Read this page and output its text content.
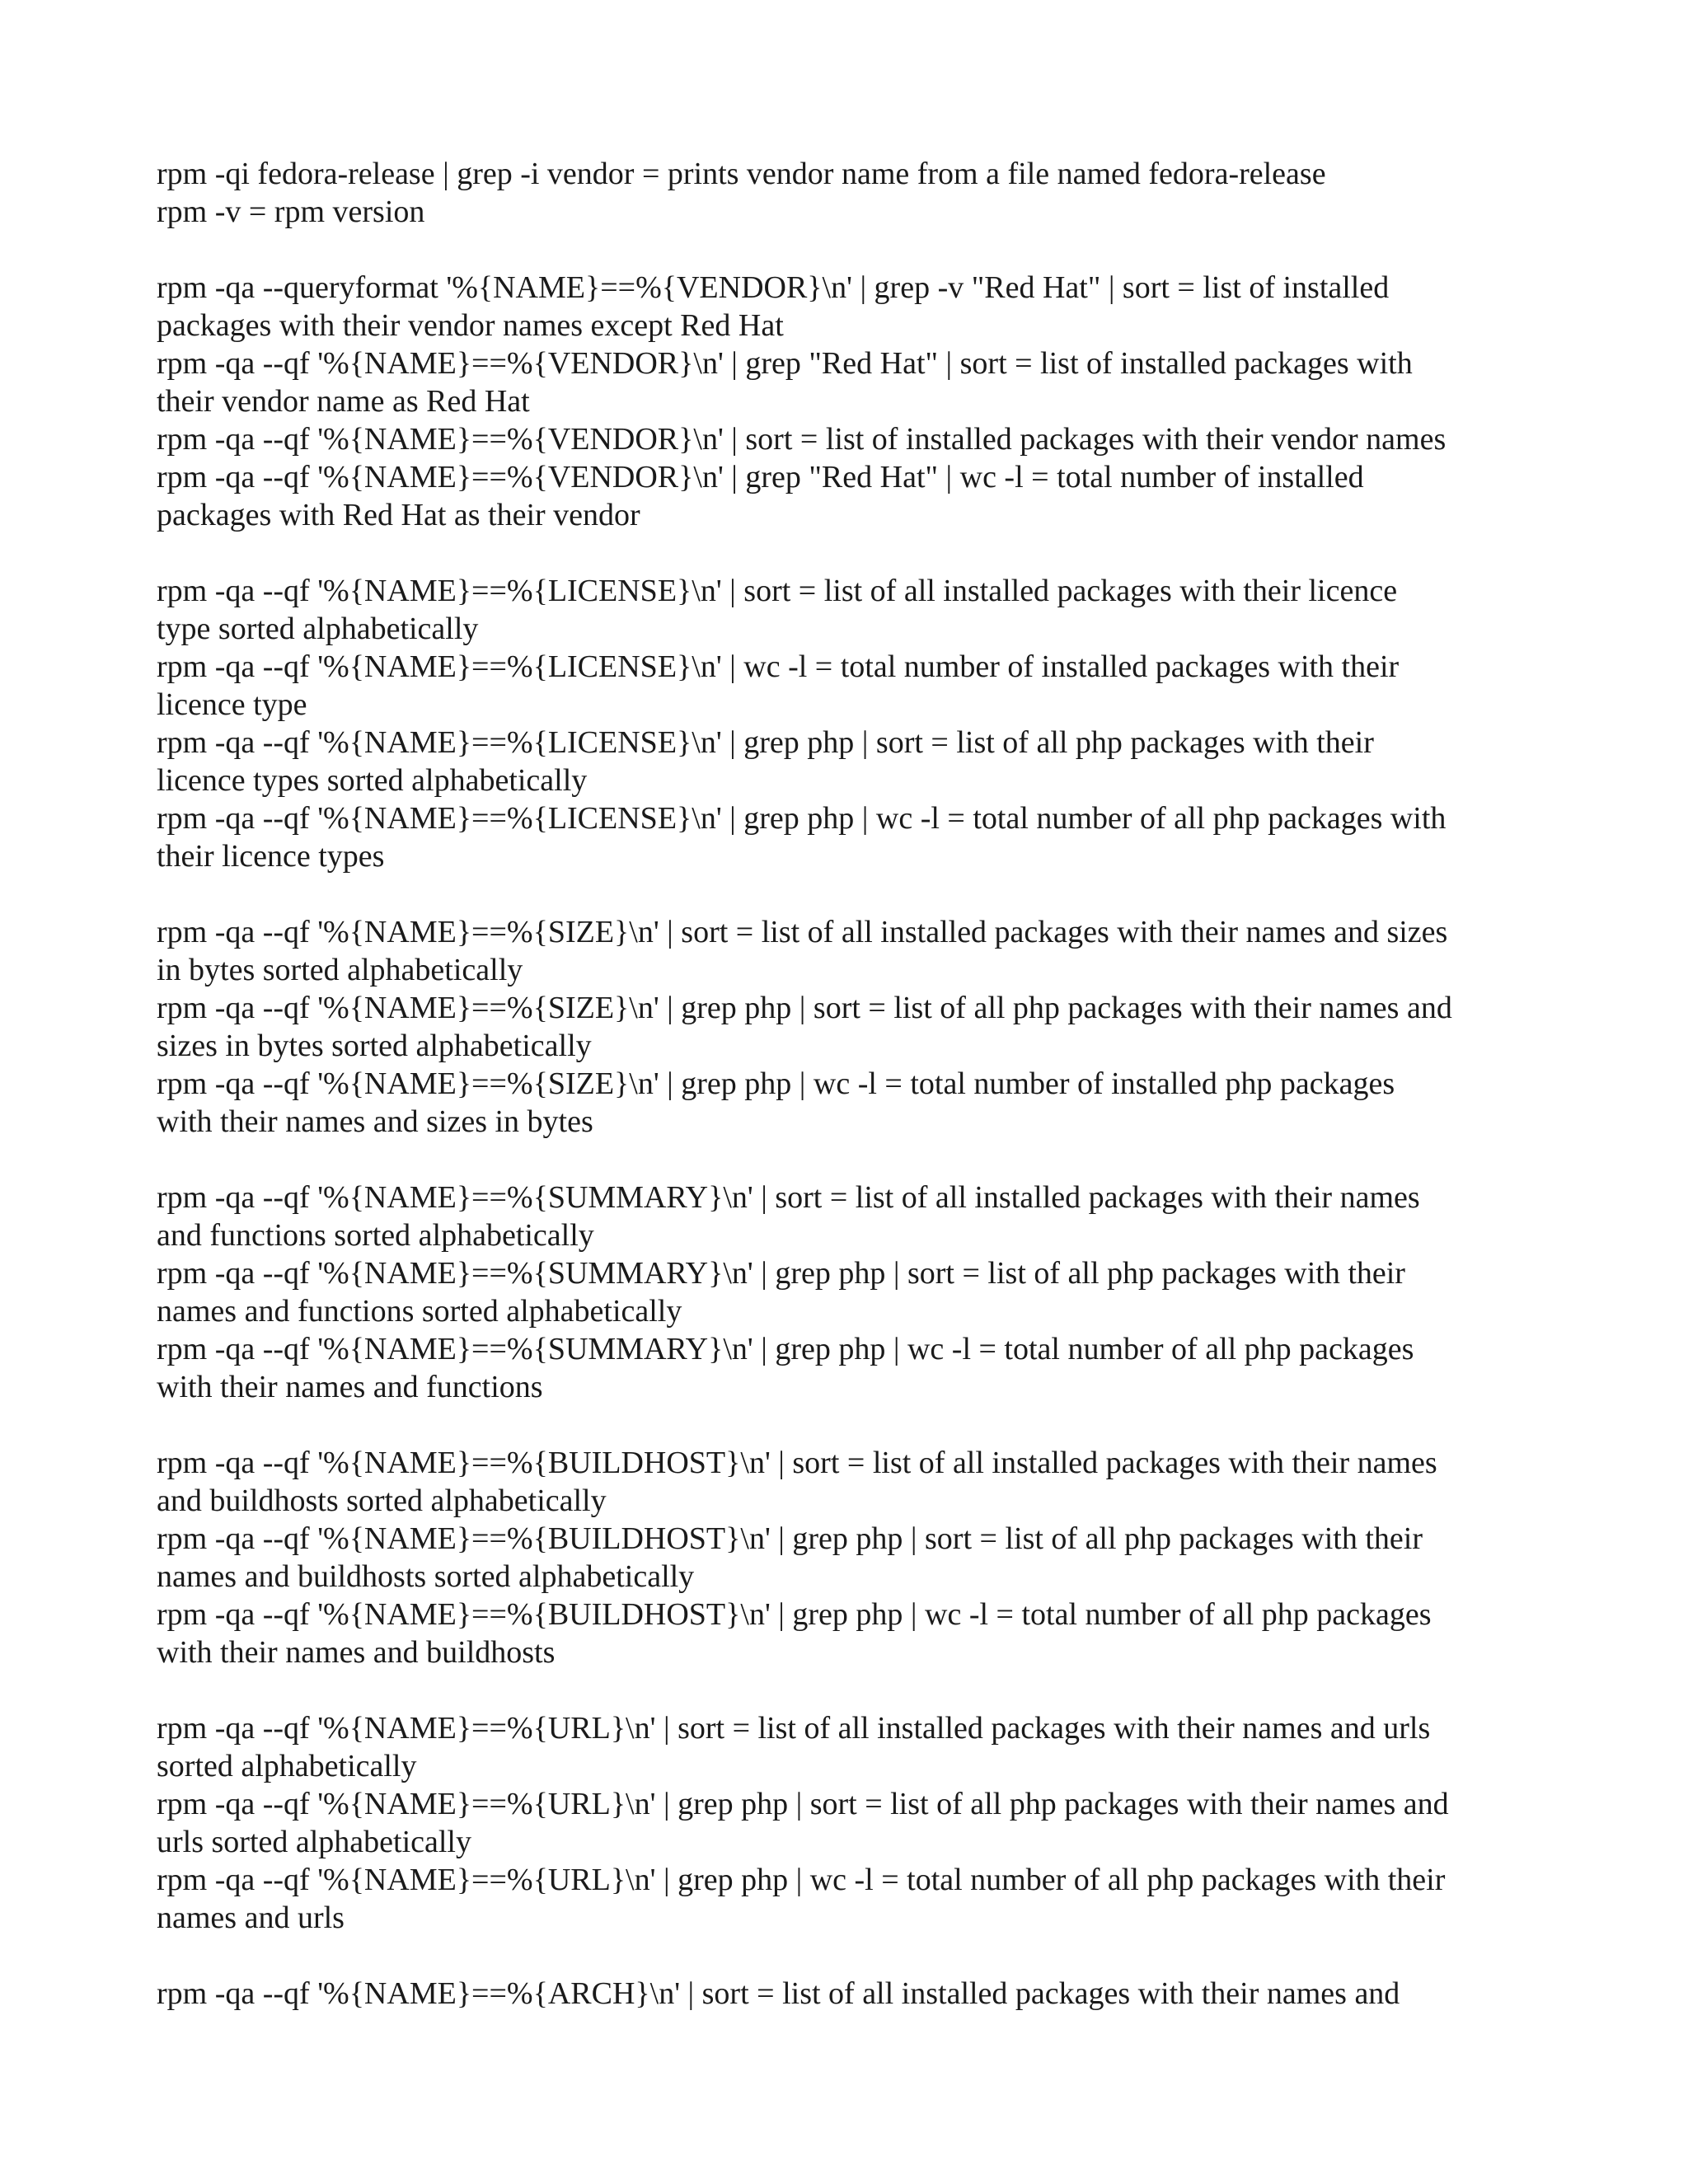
rpm -qi fedora-release | grep -i vendor = prints vendor name from a file named fedora-release
rpm -v = rpm version
rpm -qa --queryformat '%{NAME}==%{VENDOR}\n' | grep -v "Red Hat" | sort = list of installed
packages with their vendor names except Red Hat
rpm -qa --qf '%{NAME}==%{VENDOR}\n' | grep "Red Hat" | sort = list of installed packages with
their vendor name as Red Hat
rpm -qa --qf '%{NAME}==%{VENDOR}\n' | sort = list of installed packages with their vendor names
rpm -qa --qf '%{NAME}==%{VENDOR}\n' | grep "Red Hat" | wc -l = total number of installed
packages with Red Hat as their vendor
rpm -qa --qf '%{NAME}==%{LICENSE}\n' | sort = list of all installed packages with their licence
type sorted alphabetically
rpm -qa --qf '%{NAME}==%{LICENSE}\n' | wc -l = total number of installed packages with their
licence type
rpm -qa --qf '%{NAME}==%{LICENSE}\n' | grep php | sort = list of all php packages with their
licence types sorted alphabetically
rpm -qa --qf '%{NAME}==%{LICENSE}\n' | grep php | wc -l = total number of all php packages with
their licence types
rpm -qa --qf '%{NAME}==%{SIZE}\n' | sort = list of all installed packages with their names and sizes
in bytes sorted alphabetically
rpm -qa --qf '%{NAME}==%{SIZE}\n' | grep php | sort = list of all php packages with their names and
sizes in bytes sorted alphabetically
rpm -qa --qf '%{NAME}==%{SIZE}\n' | grep php | wc -l = total number of installed php packages
with their names and sizes in bytes
rpm -qa --qf '%{NAME}==%{SUMMARY}\n' | sort = list of all installed packages with their names
and functions sorted alphabetically
rpm -qa --qf '%{NAME}==%{SUMMARY}\n' | grep php | sort = list of all php packages with their
names and functions sorted alphabetically
rpm -qa --qf '%{NAME}==%{SUMMARY}\n' | grep php | wc -l = total number of all php packages
with their names and functions
rpm -qa --qf '%{NAME}==%{BUILDHOST}\n' | sort = list of all installed packages with their names
and buildhosts sorted alphabetically
rpm -qa --qf '%{NAME}==%{BUILDHOST}\n' | grep php | sort = list of all php packages with their
names and buildhosts sorted alphabetically
rpm -qa --qf '%{NAME}==%{BUILDHOST}\n' | grep php | wc -l = total number of all php packages
with their names and buildhosts
rpm -qa --qf '%{NAME}==%{URL}\n' | sort = list of all installed packages with their names and urls
sorted alphabetically
rpm -qa --qf '%{NAME}==%{URL}\n' | grep php | sort = list of all php packages with their names and
urls sorted alphabetically
rpm -qa --qf '%{NAME}==%{URL}\n' | grep php | wc -l = total number of all php packages with their
names and urls
rpm -qa --qf '%{NAME}==%{ARCH}\n' | sort = list of all installed packages with their names and
